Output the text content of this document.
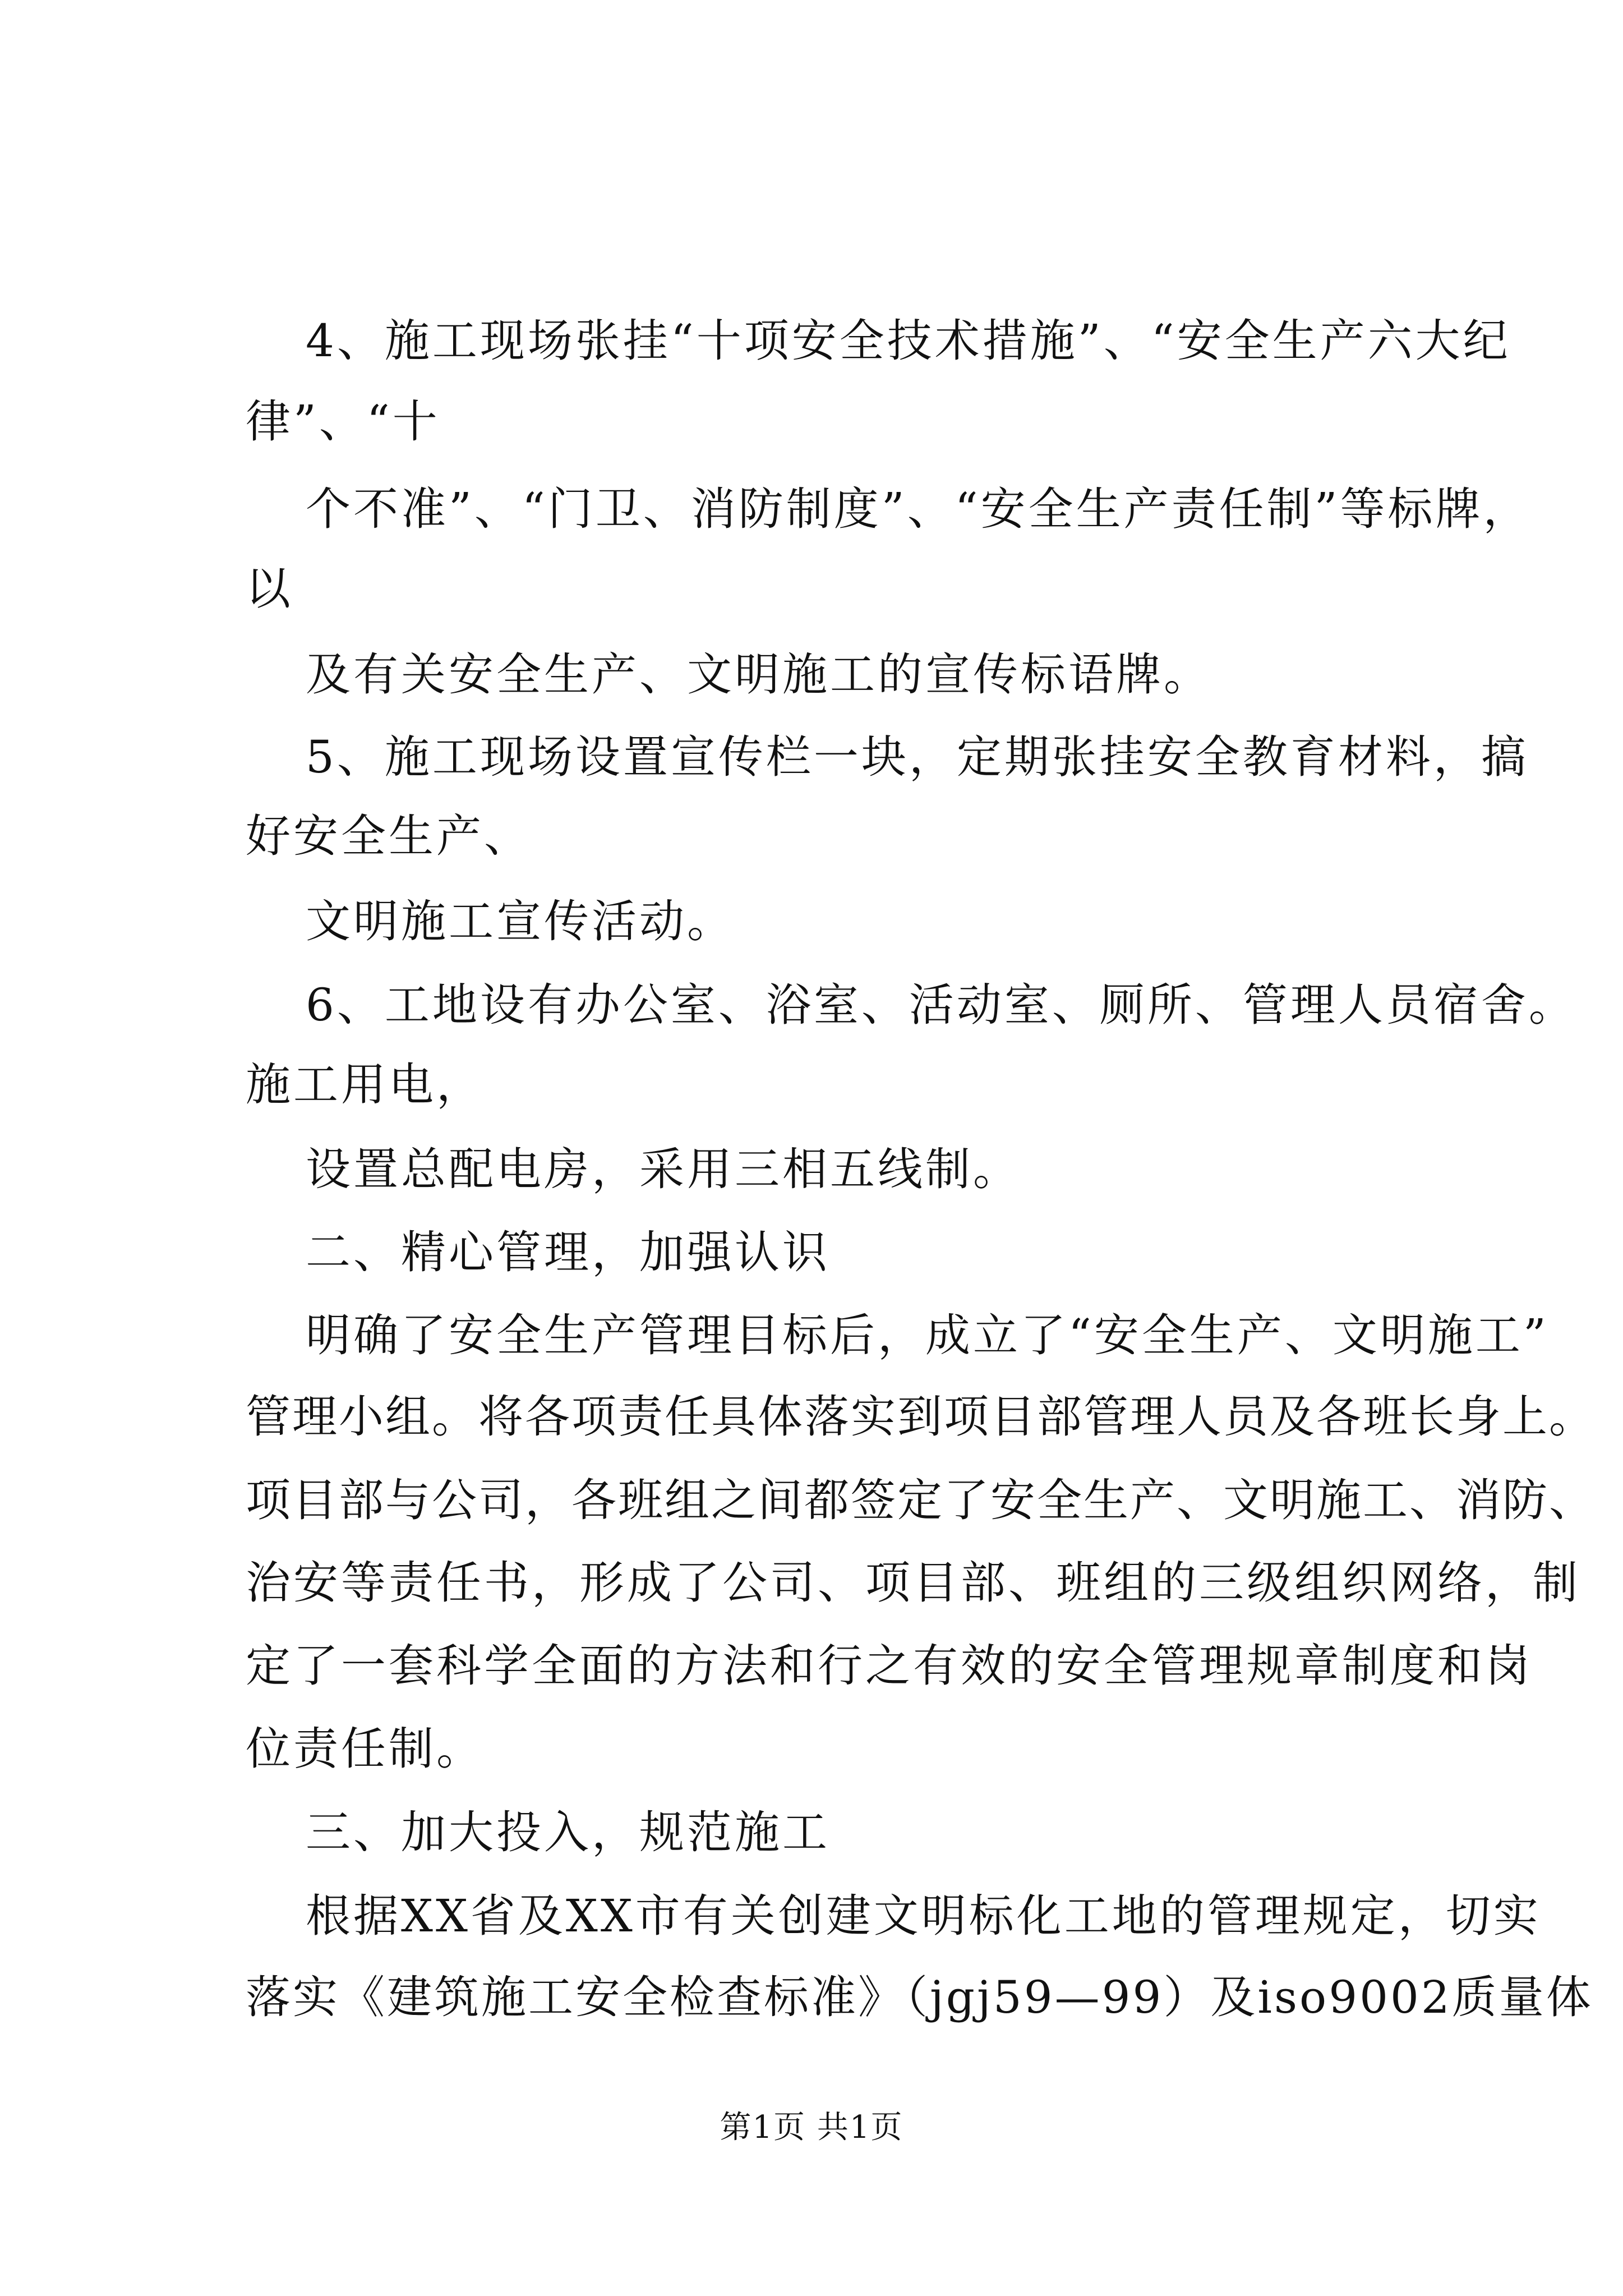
4、施工现场张挂“十项安全技术措施”、“安全生产六大纪
律”、“十
个不准”、“门卫、消防制度”、“安全生产责任制”等标牌，
以
及有关安全生产、文明施工的宣传标语牌。
5、施工现场设置宣传栏一块，定期张挂安全教育材料，搞
好安全生产、
文明施工宣传活动。
6、工地设有办公室、浴室、活动室、厕所、管理人员宿舍。
施工用电，
设置总配电房，采用三相五线制。
二、精心管理，加强认识
明确了安全生产管理目标后，成立了“安全生产、文明施工”
管理小组。将各项责任具体落实到项目部管理人员及各班长身上。
项目部与公司，各班组之间都签定了安全生产、文明施工、消防、
治安等责任书，形成了公司、项目部、班组的三级组织网络，制
定了一套科学全面的方法和行之有效的安全管理规章制度和岗
位责任制。
三、加大投入，规范施工
根据XX省及XX市有关创建文明标化工地的管理规定，切实
落实《建筑施工安全检查标准》（jgj59—99）及iso9002质量体
第1页 共1页
